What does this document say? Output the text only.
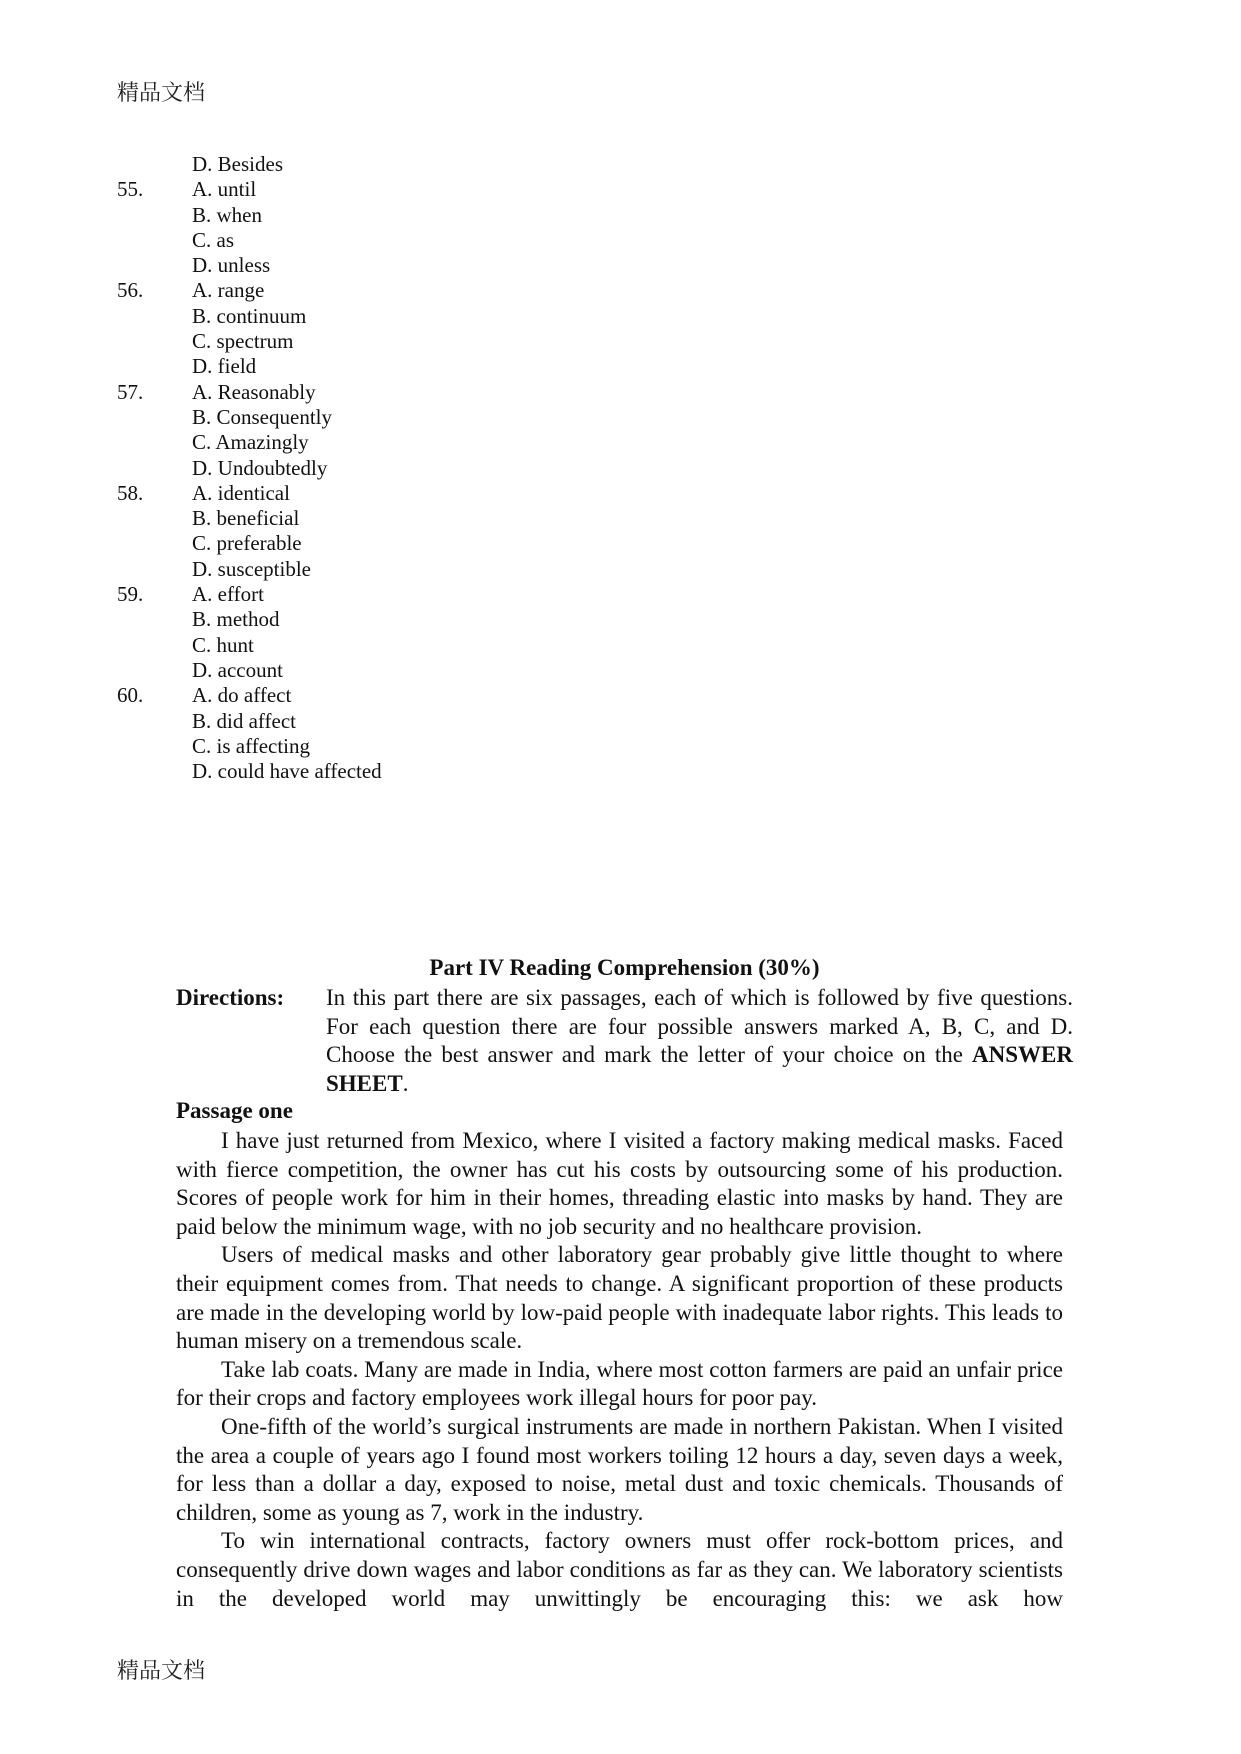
精品文档
D. Besides
55. A. until
B. when
C. as
D. unless
56. A. range
B. continuum
C. spectrum
D. field
57. A. Reasonably
B. Consequently
C. Amazingly
D. Undoubtedly
58. A. identical
B. beneficial
C. preferable
D. susceptible
59. A. effort
B. method
C. hunt
D. account
60. A. do affect
B. did affect
C. is affecting
D. could have affected
Part IV Reading Comprehension (30%)
Directions: In this part there are six passages, each of which is followed by five questions. For each question there are four possible answers marked A, B, C, and D. Choose the best answer and mark the letter of your choice on the ANSWER SHEET.
Passage one

I have just returned from Mexico, where I visited a factory making medical masks. Faced with fierce competition, the owner has cut his costs by outsourcing some of his production. Scores of people work for him in their homes, threading elastic into masks by hand. They are paid below the minimum wage, with no job security and no healthcare provision.

Users of medical masks and other laboratory gear probably give little thought to where their equipment comes from. That needs to change. A significant proportion of these products are made in the developing world by low-paid people with inadequate labor rights. This leads to human misery on a tremendous scale.

Take lab coats. Many are made in India, where most cotton farmers are paid an unfair price for their crops and factory employees work illegal hours for poor pay.

One-fifth of the world’s surgical instruments are made in northern Pakistan. When I visited the area a couple of years ago I found most workers toiling 12 hours a day, seven days a week, for less than a dollar a day, exposed to noise, metal dust and toxic chemicals. Thousands of children, some as young as 7, work in the industry.

To win international contracts, factory owners must offer rock-bottom prices, and consequently drive down wages and labor conditions as far as they can. We laboratory scientists in the developed world may unwittingly be encouraging this: we ask how

精品文档
